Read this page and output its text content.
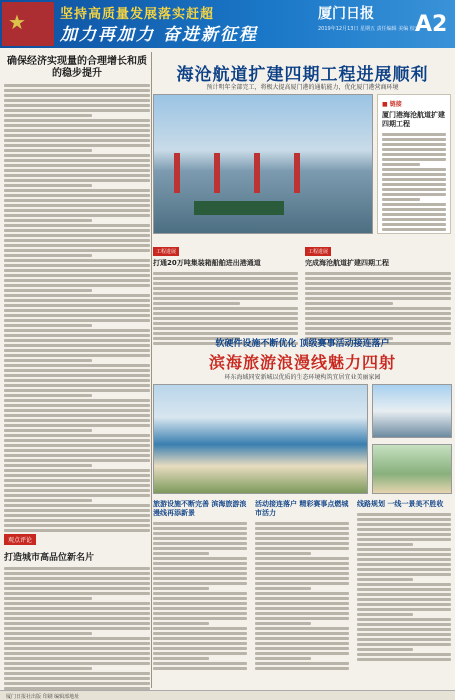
★	坚持高质量发展落实赶超
加力再加力 奋进新征程
厦门日报
2019年12月13日 星期五 责任编辑 美编 校对
A2
确保经济实现量的合理增长和质的稳步提升
观点评论
打造城市高品位新名片
海沧航道扩建四期工程进展顺利
预计明年全部完工，将极大提高厦门港的通航能力，优化厦门港营商环境
■ 链接
厦门港海沧航道扩建四期工程
工程进展
打通20万吨集装箱船舶进出港通道
工程进展
完成海沧航道扩建四期工程
软硬件设施不断优化 顶级赛事活动接连落户
滨海旅游浪漫线魅力四射
环东海域同安新城以优质的生态环境构筑宜居宜业美丽家园
旅游设施不断完善 滨海旅游浪漫线再添新景
活动接连落户 精彩赛事点燃城市活力
线路规划 一线一景美不胜收
厦门日报社出版 印刷 编辑部地址
